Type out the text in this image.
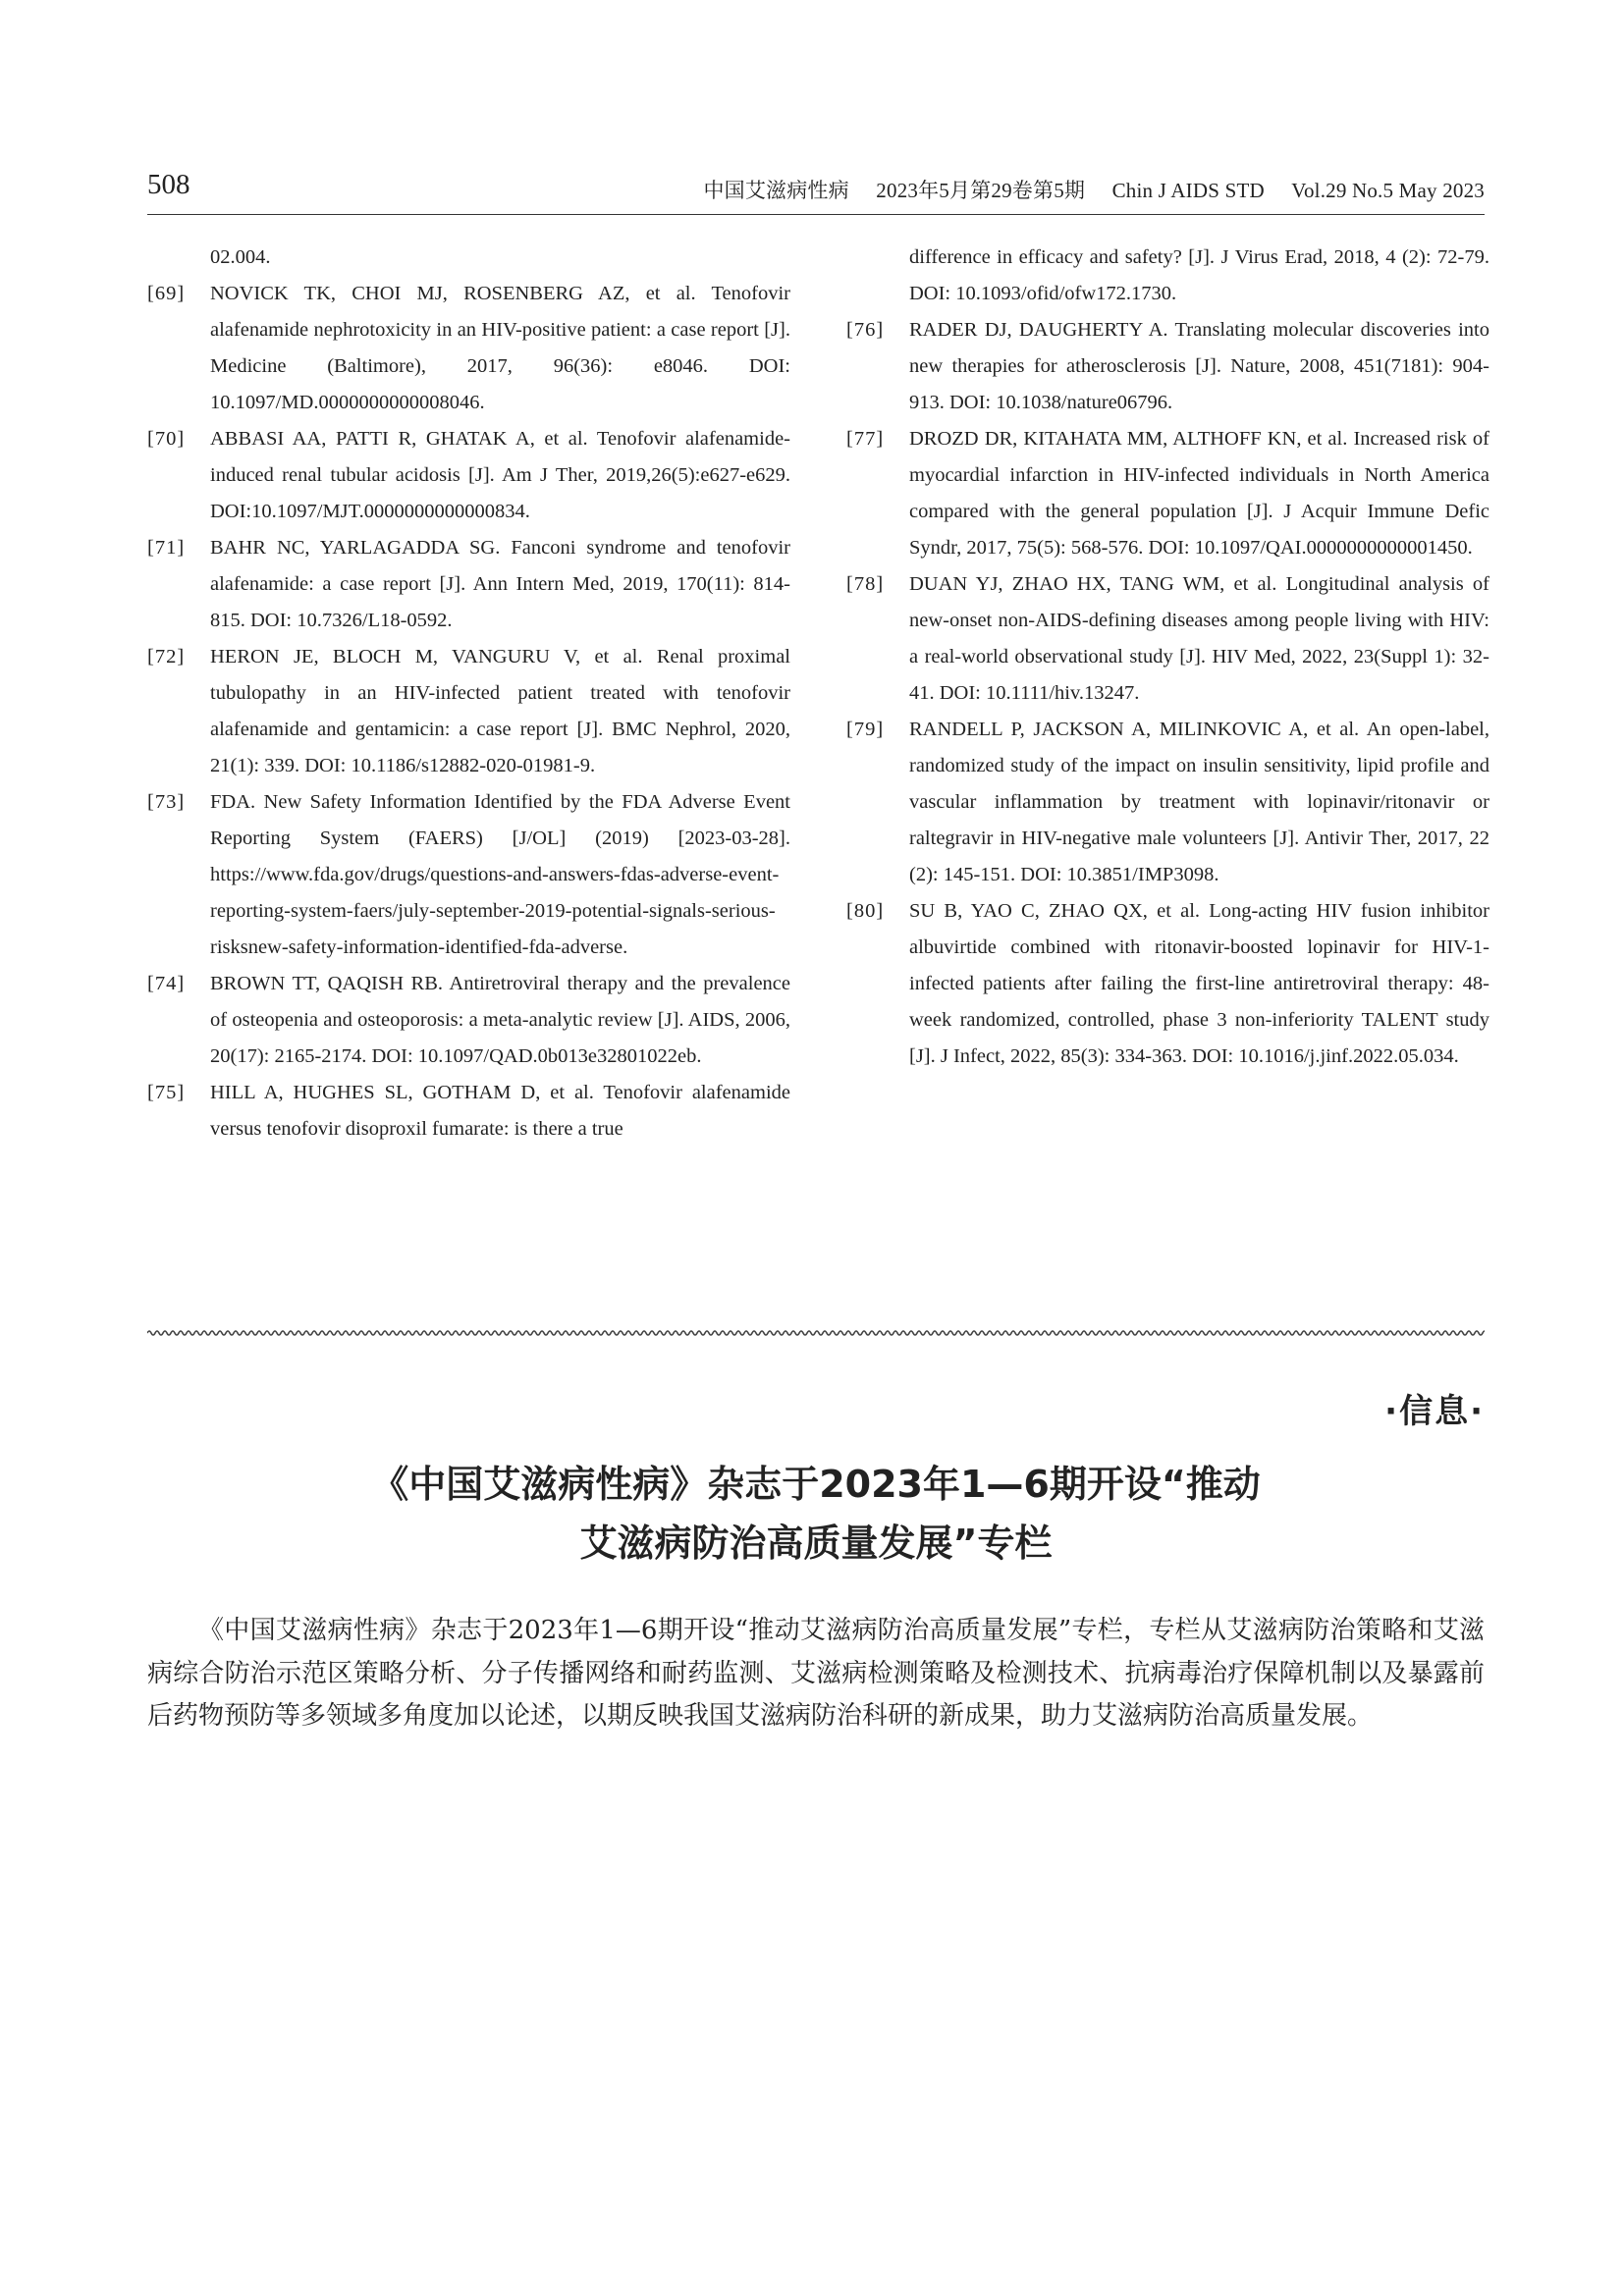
508	中国艾滋病性病 2023年5月第29卷第5期 Chin J AIDS STD Vol.29 No.5 May 2023
02.004.
[69] NOVICK TK, CHOI MJ, ROSENBERG AZ, et al. Tenofovir alafenamide nephrotoxicity in an HIV-positive patient: a case report [J]. Medicine (Baltimore), 2017, 96(36): e8046. DOI: 10.1097/MD.0000000000008046.
[70] ABBASI AA, PATTI R, GHATAK A, et al. Tenofovir alafenamide-induced renal tubular acidosis [J]. Am J Ther, 2019,26(5):e627-e629. DOI:10.1097/MJT.0000000000000834.
[71] BAHR NC, YARLAGADDA SG. Fanconi syndrome and tenofovir alafenamide: a case report [J]. Ann Intern Med, 2019, 170(11): 814-815. DOI: 10.7326/L18-0592.
[72] HERON JE, BLOCH M, VANGURU V, et al. Renal proximal tubulopathy in an HIV-infected patient treated with tenofovir alafenamide and gentamicin: a case report [J]. BMC Nephrol, 2020, 21(1): 339. DOI: 10.1186/s12882-020-01981-9.
[73] FDA. New Safety Information Identified by the FDA Adverse Event Reporting System (FAERS) [J/OL] (2019) [2023-03-28]. https://www.fda.gov/drugs/questions-and-answers-fdas-adverse-event-reporting-system-faers/july-september-2019-potential-signals-serious-risksnew-safety-information-identified-fda-adverse.
[74] BROWN TT, QAQISH RB. Antiretroviral therapy and the prevalence of osteopenia and osteoporosis: a meta-analytic review [J]. AIDS, 2006, 20(17): 2165-2174. DOI: 10.1097/QAD.0b013e32801022eb.
[75] HILL A, HUGHES SL, GOTHAM D, et al. Tenofovir alafenamide versus tenofovir disoproxil fumarate: is there a true
difference in efficacy and safety? [J]. J Virus Erad, 2018, 4 (2): 72-79. DOI: 10.1093/ofid/ofw172.1730.
[76] RADER DJ, DAUGHERTY A. Translating molecular discoveries into new therapies for atherosclerosis [J]. Nature, 2008, 451(7181): 904-913. DOI: 10.1038/nature06796.
[77] DROZD DR, KITAHATA MM, ALTHOFF KN, et al. Increased risk of myocardial infarction in HIV-infected individuals in North America compared with the general population [J]. J Acquir Immune Defic Syndr, 2017, 75(5): 568-576. DOI: 10.1097/QAI.0000000000001450.
[78] DUAN YJ, ZHAO HX, TANG WM, et al. Longitudinal analysis of new-onset non-AIDS-defining diseases among people living with HIV: a real-world observational study [J]. HIV Med, 2022, 23(Suppl 1): 32-41. DOI: 10.1111/hiv.13247.
[79] RANDELL P, JACKSON A, MILINKOVIC A, et al. An open-label, randomized study of the impact on insulin sensitivity, lipid profile and vascular inflammation by treatment with lopinavir/ritonavir or raltegravir in HIV-negative male volunteers [J]. Antivir Ther, 2017, 22 (2): 145-151. DOI: 10.3851/IMP3098.
[80] SU B, YAO C, ZHAO QX, et al. Long-acting HIV fusion inhibitor albuvirtide combined with ritonavir-boosted lopinavir for HIV-1-infected patients after failing the first-line antiretroviral therapy: 48-week randomized, controlled, phase 3 non-inferiority TALENT study [J]. J Infect, 2022, 85(3): 334-363. DOI: 10.1016/j.jinf.2022.05.034.
·信息·
《中国艾滋病性病》杂志于2023年1—6期开设“推动
艾滋病防治高质量发展”专栏
《中国艾滋病性病》杂志于2023年1—6期开设“推动艾滋病防治高质量发展”专栏，专栏从艾滋病防治策略和艾滋病综合防治示范区策略分析、分子传播网络和耐药监测、艾滋病检测策略及检测技术、抗病毒治疗保障机制以及暴露前后药物预防等多领域多角度加以论述，以期反映我国艾滋病防治科研的新成果，助力艾滋病防治高质量发展。
